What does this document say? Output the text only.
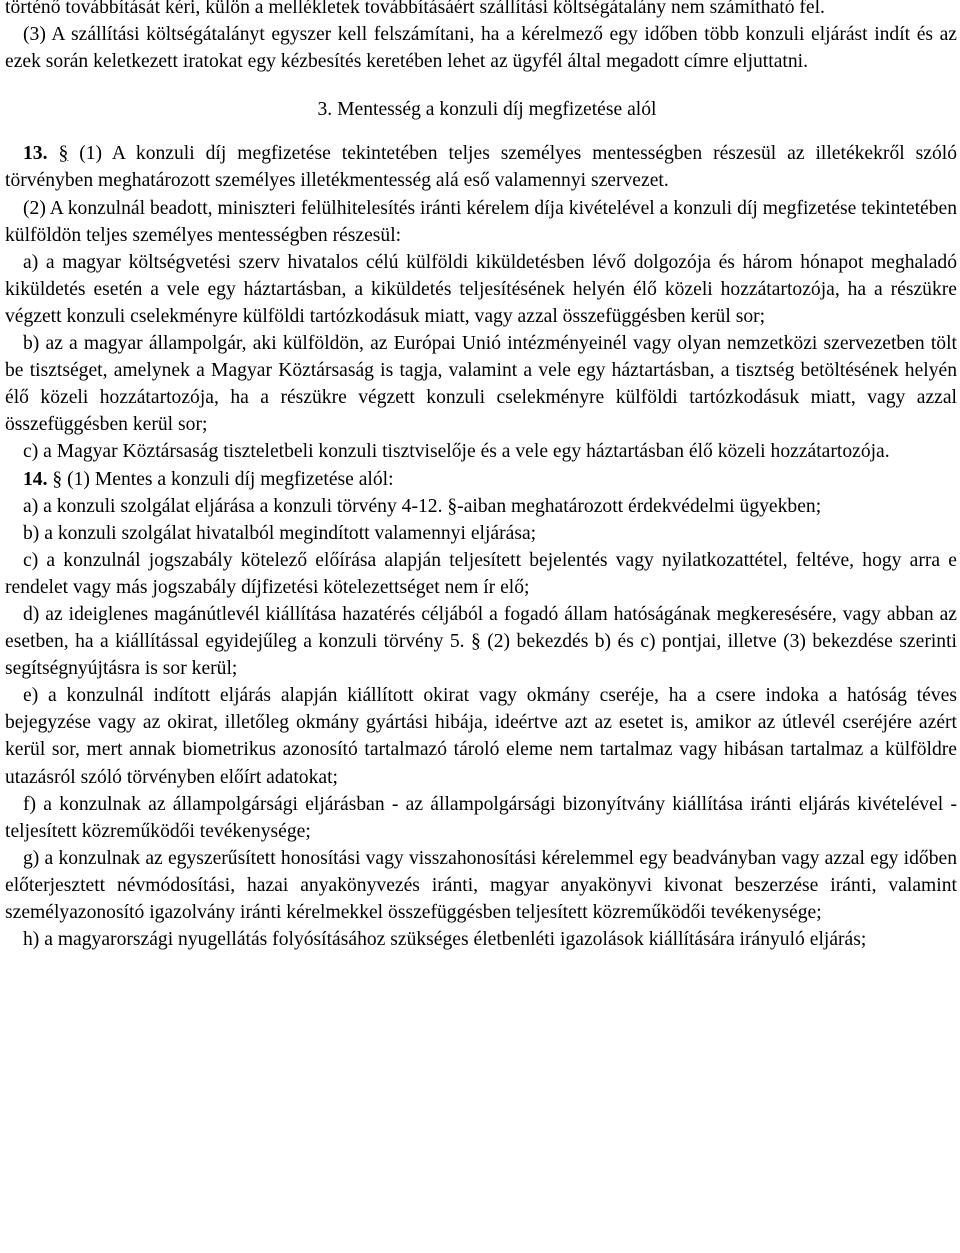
történő továbbítását kéri, külön a mellékletek továbbításáért szállítási költségátalány nem számítható fel.

(3) A szállítási költségátalányt egyszer kell felszámítani, ha a kérelmező egy időben több konzuli eljárást indít és az ezek során keletkezett iratokat egy kézbesítés keretében lehet az ügyfél által megadott címre eljuttatni.

3. Mentesség a konzuli díj megfizetése alól

13. § (1) A konzuli díj megfizetése tekintetében teljes személyes mentességben részesül az illetékekről szóló törvényben meghatározott személyes illetékmentesség alá eső valamennyi szervezet.

(2) A konzulnál beadott, miniszteri felülhitelesítés iránti kérelem díja kivételével a konzuli díj megfizetése tekintetében külföldön teljes személyes mentességben részesül:

a) a magyar költségvetési szerv hivatalos célú külföldi kiküldetésben lévő dolgozója és három hónapot meghaladó kiküldetés esetén a vele egy háztartásban, a kiküldetés teljesítésének helyén élő közeli hozzátartozója, ha a részükre végzett konzuli cselekményre külföldi tartózkodásuk miatt, vagy azzal összefüggésben kerül sor;

b) az a magyar állampolgár, aki külföldön, az Európai Unió intézményeinél vagy olyan nemzetközi szervezetben tölt be tisztséget, amelynek a Magyar Köztársaság is tagja, valamint a vele egy háztartásban, a tisztség betöltésének helyén élő közeli hozzátartozója, ha a részükre végzett konzuli cselekményre külföldi tartózkodásuk miatt, vagy azzal összefüggésben kerül sor;

c) a Magyar Köztársaság tiszteletbeli konzuli tisztviselője és a vele egy háztartásban élő közeli hozzátartozója.

14. § (1) Mentes a konzuli díj megfizetése alól:

a) a konzuli szolgálat eljárása a konzuli törvény 4-12. §-aiban meghatározott érdekvédelmi ügyekben;

b) a konzuli szolgálat hivatalból megindított valamennyi eljárása;

c) a konzulnál jogszabály kötelező előírása alapján teljesített bejelentés vagy nyilatkozattétel, feltéve, hogy arra e rendelet vagy más jogszabály díjfizetési kötelezettséget nem ír elő;

d) az ideiglenes magánútlevél kiállítása hazatérés céljából a fogadó állam hatóságának megkeresésére, vagy abban az esetben, ha a kiállítással egyidejűleg a konzuli törvény 5. § (2) bekezdés b) és c) pontjai, illetve (3) bekezdése szerinti segítségnyújtásra is sor kerül;

e) a konzulnál indított eljárás alapján kiállított okirat vagy okmány cseréje, ha a csere indoka a hatóság téves bejegyzése vagy az okirat, illetőleg okmány gyártási hibája, ideértve azt az esetet is, amikor az útlevél cseréjére azért kerül sor, mert annak biometrikus azonosító tartalmazó tároló eleme nem tartalmaz vagy hibásan tartalmaz a külföldre utazásról szóló törvényben előírt adatokat;

f) a konzulnak az állampolgársági eljárásban - az állampolgársági bizonyítvány kiállítása iránti eljárás kivételével - teljesített közreműködői tevékenysége;

g) a konzulnak az egyszerűsített honosítási vagy visszahonosítási kérelemmel egy beadványban vagy azzal egy időben előterjesztett névmódosítási, hazai anyakönyvezés iránti, magyar anyakönyvi kivonat beszerzése iránti, valamint személyazonosító igazolvány iránti kérelmekkel összefüggésben teljesített közreműködői tevékenysége;

h) a magyarországi nyugellátás folyósításához szükséges életbenléti igazolások kiállítására irányuló eljárás;
